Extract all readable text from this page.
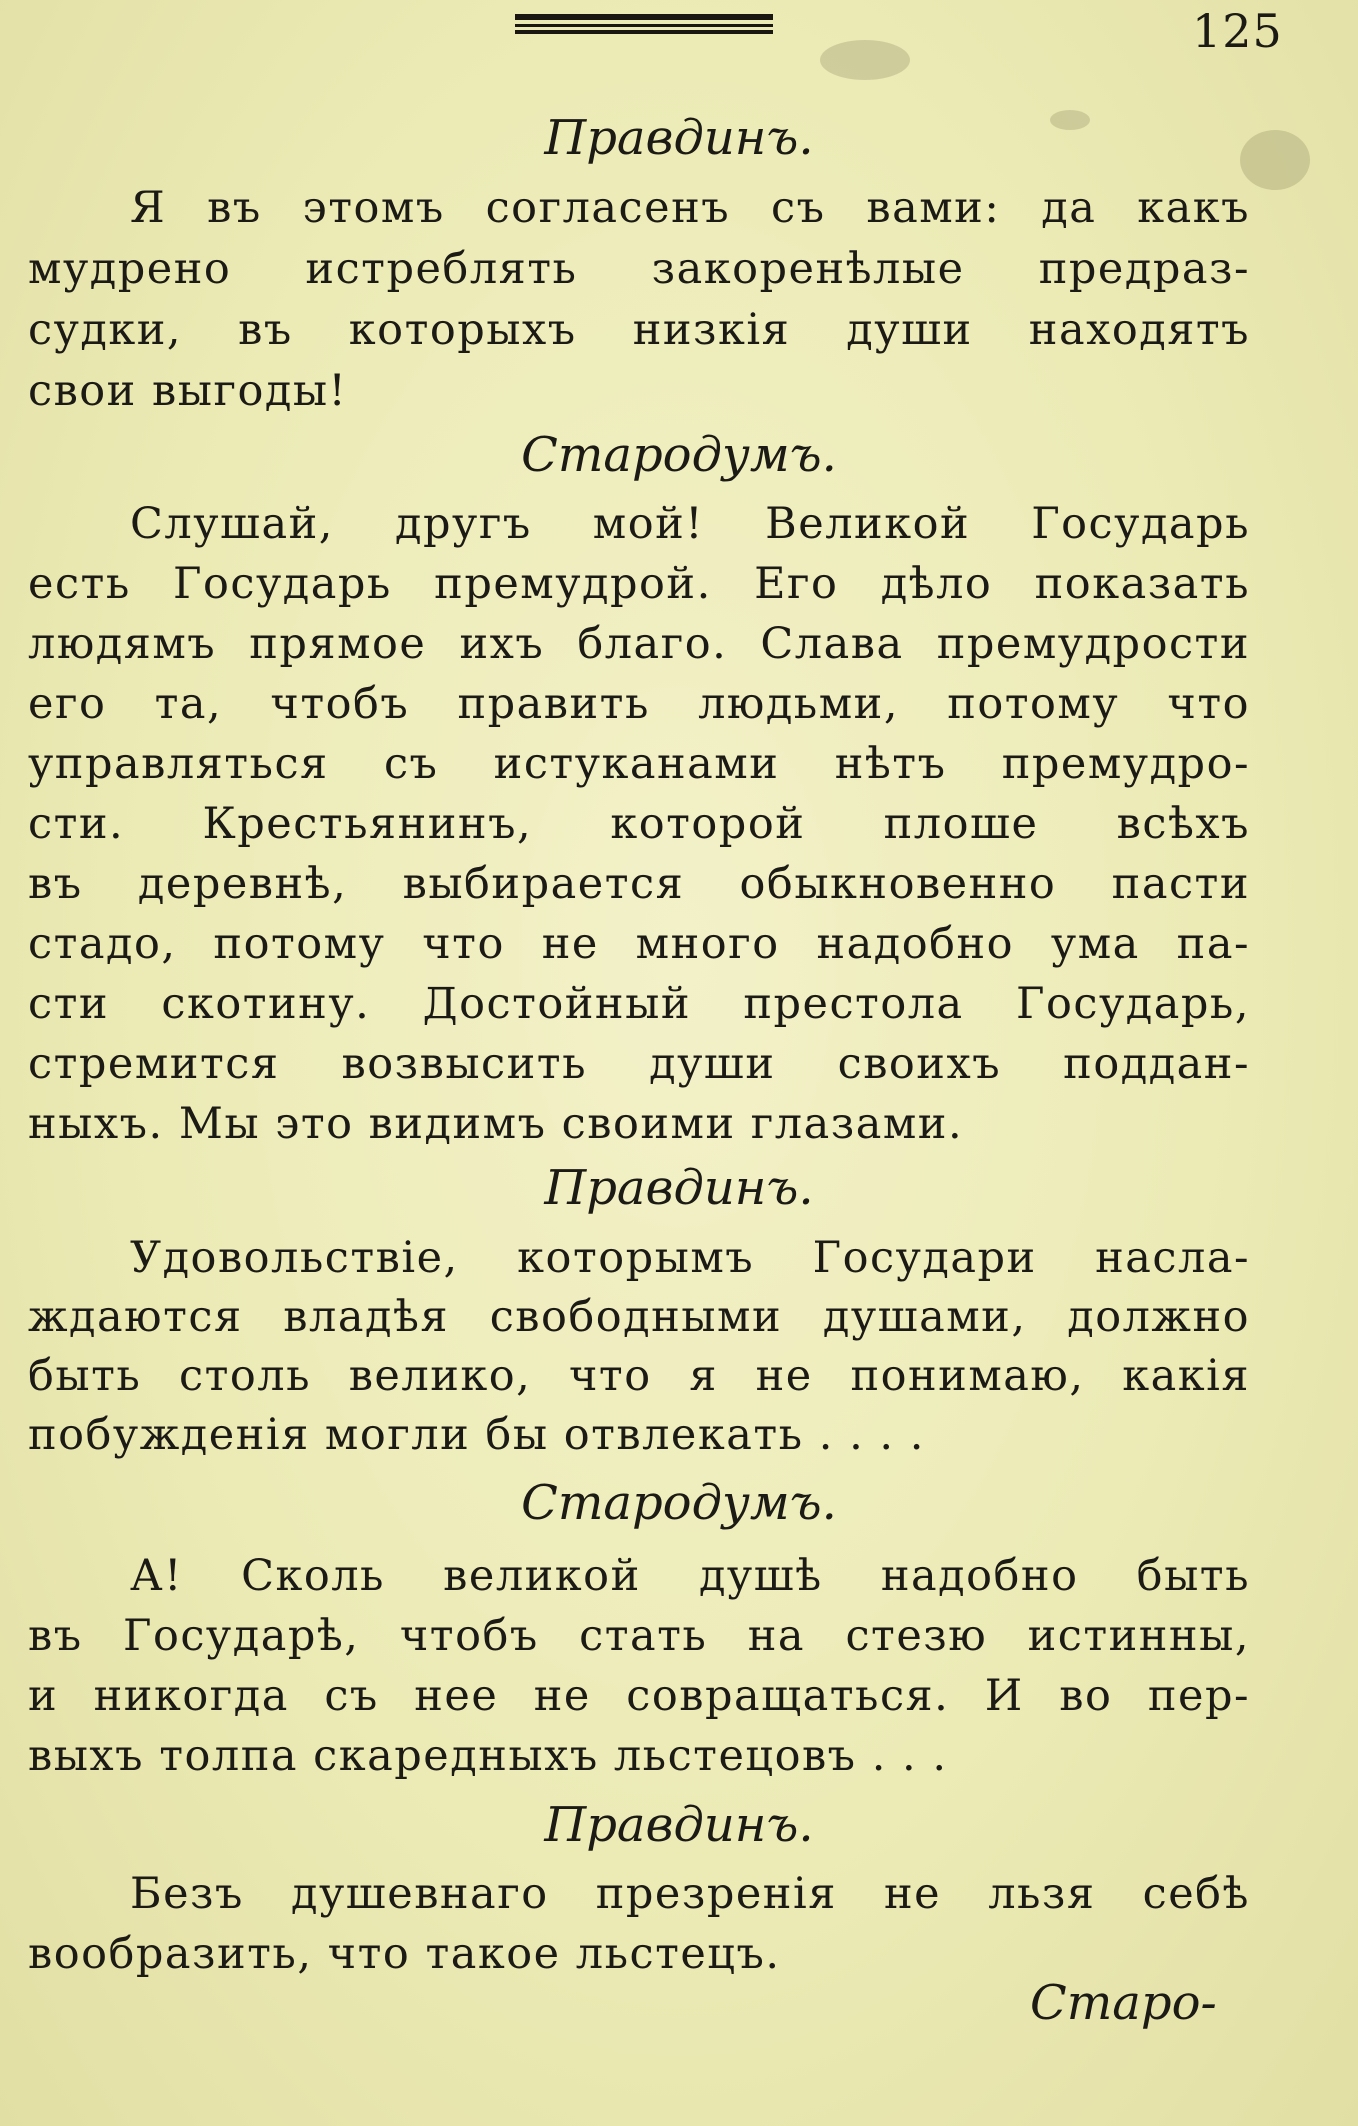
125
Правдинъ.
Я въ этомъ согласенъ съ вами: да какъ
мудрено истреблять закоренѣлые предраз-
судки, въ которыхъ низкія души находятъ
свои выгоды!
Стародумъ.
Слушай, другъ мой! Великой Государь
есть Государь премудрой. Его дѣло показать
людямъ прямое ихъ благо. Слава премудрости
его та, чтобъ править людьми, потому что
управляться съ истуканами нѣтъ премудро-
сти. Крестьянинъ, которой плоше всѣхъ
въ деревнѣ, выбирается обыкновенно пасти
стадо, потому что не много надобно ума па-
сти скотину. Достойный престола Государь,
стремится возвысить души своихъ поддан-
ныхъ. Мы это видимъ своими глазами.
Правдинъ.
Удовольствіе, которымъ Государи насла-
ждаются владѣя свободными душами, должно
быть столь велико, что я не понимаю, какія
побужденія могли бы отвлекать . . . .
Стародумъ.
А! Сколь великой душѣ надобно быть
въ Государѣ, чтобъ стать на стезю истинны,
и никогда съ нее не совращаться. И во пер-
выхъ толпа скаредныхъ льстецовъ . . .
Правдинъ.
Безъ душевнаго презренія не льзя себѣ
вообразить, что такое льстецъ.
Старо-
